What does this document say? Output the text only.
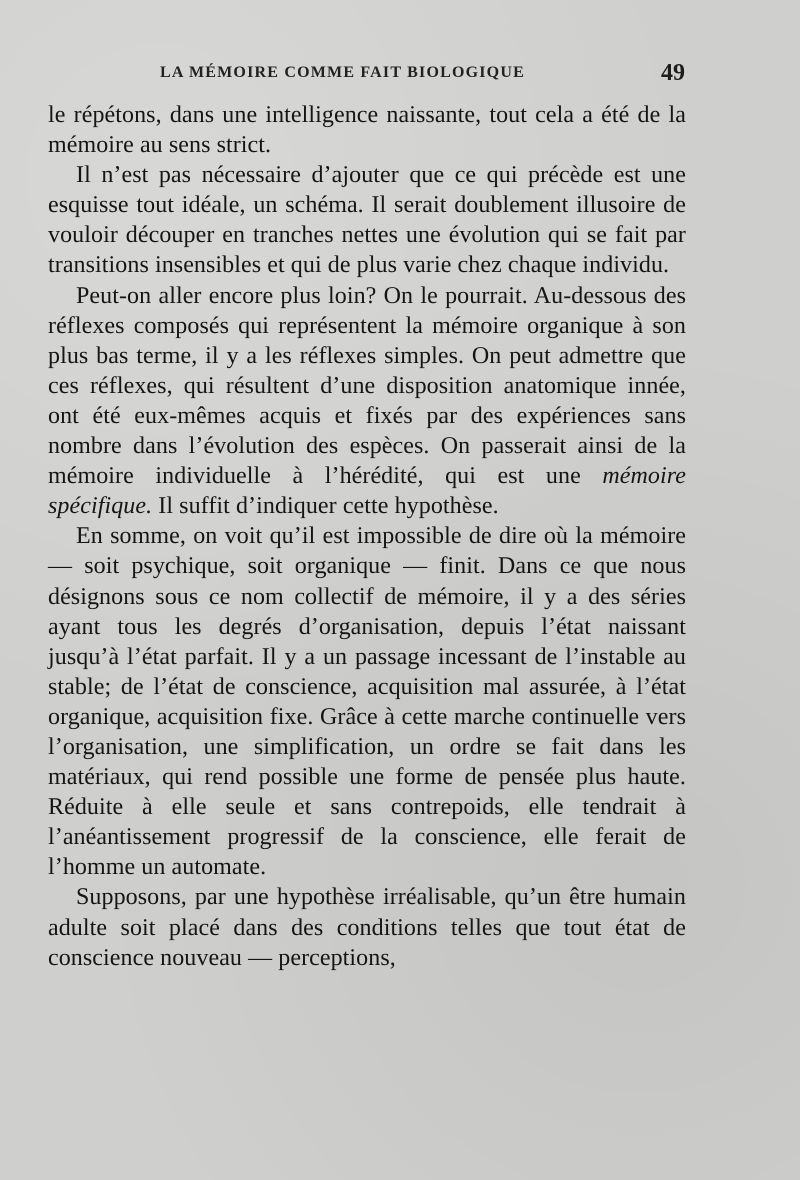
LA MÉMOIRE COMME FAIT BIOLOGIQUE	49

le répétons, dans une intelligence naissante, tout cela a été de la mémoire au sens strict.

Il n’est pas nécessaire d’ajouter que ce qui précède est une esquisse tout idéale, un schéma. Il serait doublement illusoire de vouloir découper en tranches nettes une évolution qui se fait par transitions insensibles et qui de plus varie chez chaque individu.

Peut-on aller encore plus loin? On le pourrait. Au-dessous des réflexes composés qui représentent la mémoire organique à son plus bas terme, il y a les réflexes simples. On peut admettre que ces réflexes, qui résultent d’une disposition anatomique innée, ont été eux-mêmes acquis et fixés par des expériences sans nombre dans l’évolution des espèces. On passerait ainsi de la mémoire individuelle à l’hérédité, qui est une mémoire spécifique. Il suffit d’indiquer cette hypothèse.

En somme, on voit qu’il est impossible de dire où la mémoire — soit psychique, soit organique — finit. Dans ce que nous désignons sous ce nom collectif de mémoire, il y a des séries ayant tous les degrés d’organisation, depuis l’état naissant jusqu’à l’état parfait. Il y a un passage incessant de l’instable au stable; de l’état de conscience, acquisition mal assurée, à l’état organique, acquisition fixe. Grâce à cette marche continuelle vers l’organisation, une simplification, un ordre se fait dans les matériaux, qui rend possible une forme de pensée plus haute. Réduite à elle seule et sans contrepoids, elle tendrait à l’anéantissement progressif de la conscience, elle ferait de l’homme un automate.

Supposons, par une hypothèse irréalisable, qu’un être humain adulte soit placé dans des conditions telles que tout état de conscience nouveau — perceptions,
